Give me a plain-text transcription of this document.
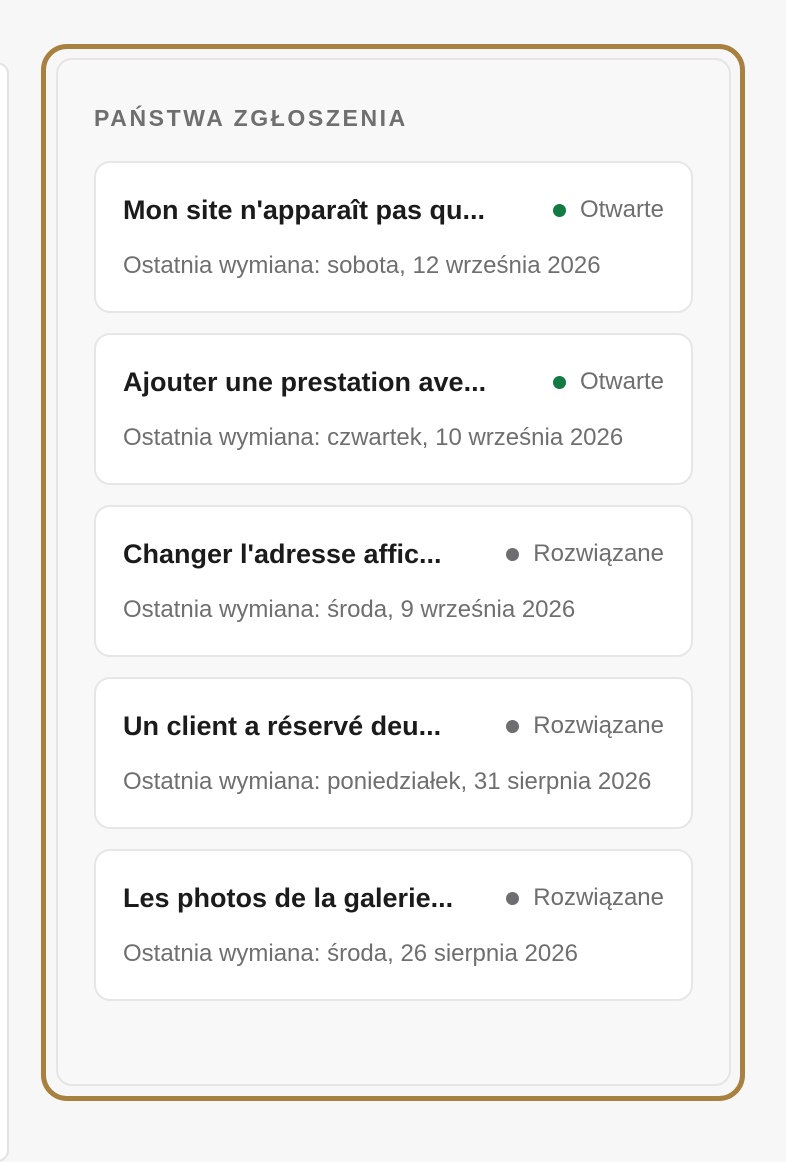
PAŃSTWA ZGŁOSZENIA
Mon site n'apparaît pas qu...	Otwarte
Ostatnia wymiana: sobota, 12 września 2026
Ajouter une prestation ave...	Otwarte
Ostatnia wymiana: czwartek, 10 września 2026
Changer l'adresse affic...	Rozwiązane
Ostatnia wymiana: środa, 9 września 2026
Un client a réservé deu...	Rozwiązane
Ostatnia wymiana: poniedziałek, 31 sierpnia 2026
Les photos de la galerie...	Rozwiązane
Ostatnia wymiana: środa, 26 sierpnia 2026
